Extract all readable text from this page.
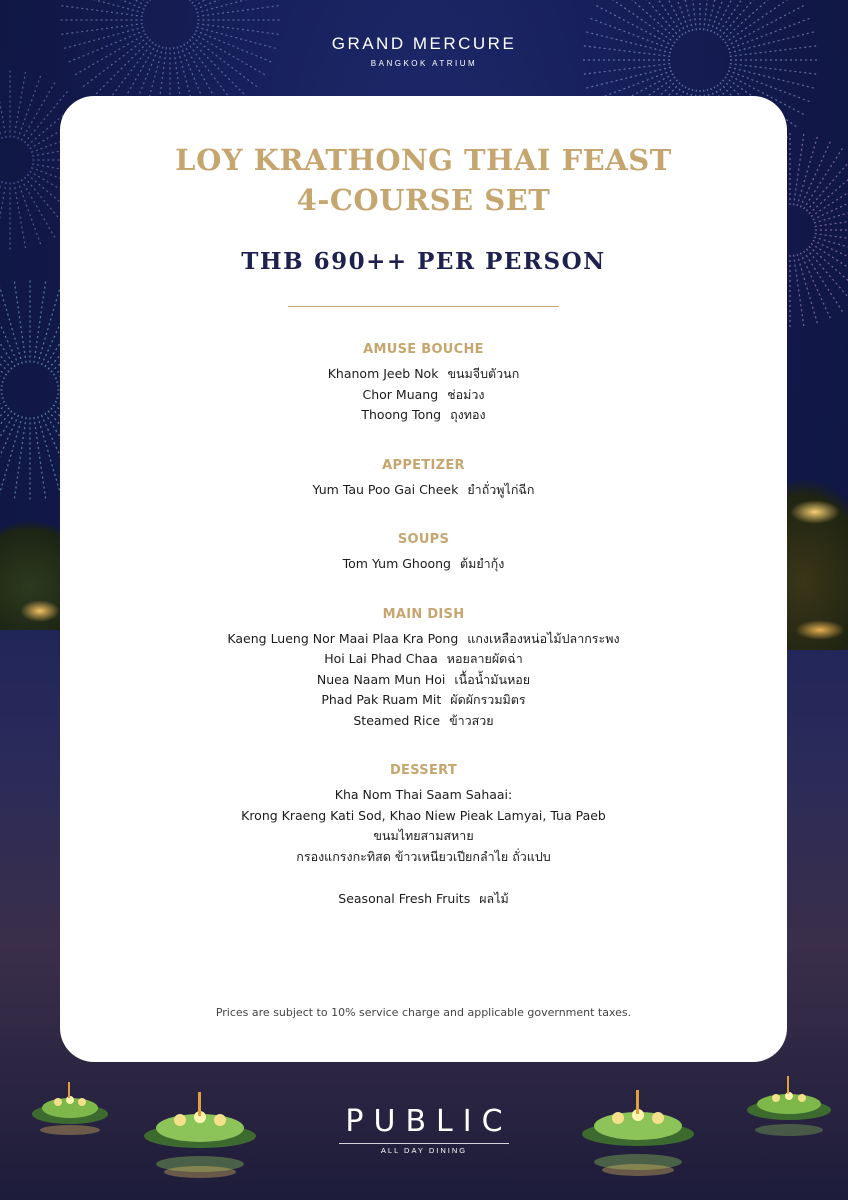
GRAND MERCURE
BANGKOK ATRIUM
LOY KRATHONG THAI FEAST
4-COURSE SET
THB 690++ PER PERSON
AMUSE BOUCHE
Khanom Jeeb Nok ขนมจีบตัวนก
Chor Muang ช่อม่วง
Thoong Tong ถุงทอง
APPETIZER
Yum Tau Poo Gai Cheek ยำถั่วพูไก่ฉีก
SOUPS
Tom Yum Ghoong ต้มยำกุ้ง
MAIN DISH
Kaeng Lueng Nor Maai Plaa Kra Pong แกงเหลืองหน่อไม้ปลากระพง
Hoi Lai Phad Chaa หอยลายผัดฉ่า
Nuea Naam Mun Hoi เนื้อน้ำมันหอย
Phad Pak Ruam Mit ผัดผักรวมมิตร
Steamed Rice ข้าวสวย
DESSERT
Kha Nom Thai Saam Sahaai:
Krong Kraeng Kati Sod, Khao Niew Pieak Lamyai, Tua Paeb
ขนมไทยสามสหาย
กรองแกรงกะทิสด ข้าวเหนียวเปียกลำไย ถั่วแปบ
Seasonal Fresh Fruits ผลไม้
Prices are subject to 10% service charge and applicable government taxes.
PUBLIC
ALL DAY DINING
